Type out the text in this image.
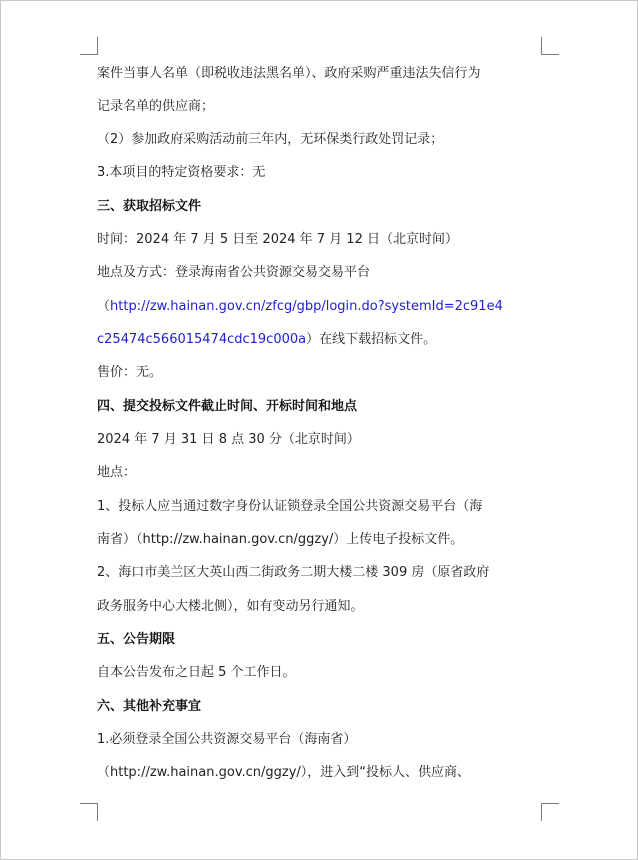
案件当事人名单（即税收违法黑名单）、政府采购严重违法失信行为
记录名单的供应商；
（2）参加政府采购活动前三年内，无环保类行政处罚记录；
3.本项目的特定资格要求：无
三、获取招标文件
时间：2024 年 7 月 5 日至 2024 年 7 月 12 日（北京时间）
地点及方式：登录海南省公共资源交易交易平台
（http://zw.hainan.gov.cn/zfcg/gbp/login.do?systemId=2c91e4
c25474c566015474cdc19c000a）在线下载招标文件。
售价：无。
四、提交投标文件截止时间、开标时间和地点
2024 年 7 月 31 日 8 点 30 分（北京时间）
地点：
1、投标人应当通过数字身份认证锁登录全国公共资源交易平台（海
南省）（http://zw.hainan.gov.cn/ggzy/）上传电子投标文件。
2、海口市美兰区大英山西二街政务二期大楼二楼 309 房（原省政府
政务服务中心大楼北侧），如有变动另行通知。
五、公告期限
自本公告发布之日起 5 个工作日。
六、其他补充事宜
1.必须登录全国公共资源交易平台（海南省）
（http://zw.hainan.gov.cn/ggzy/），进入到“投标人、供应商、
